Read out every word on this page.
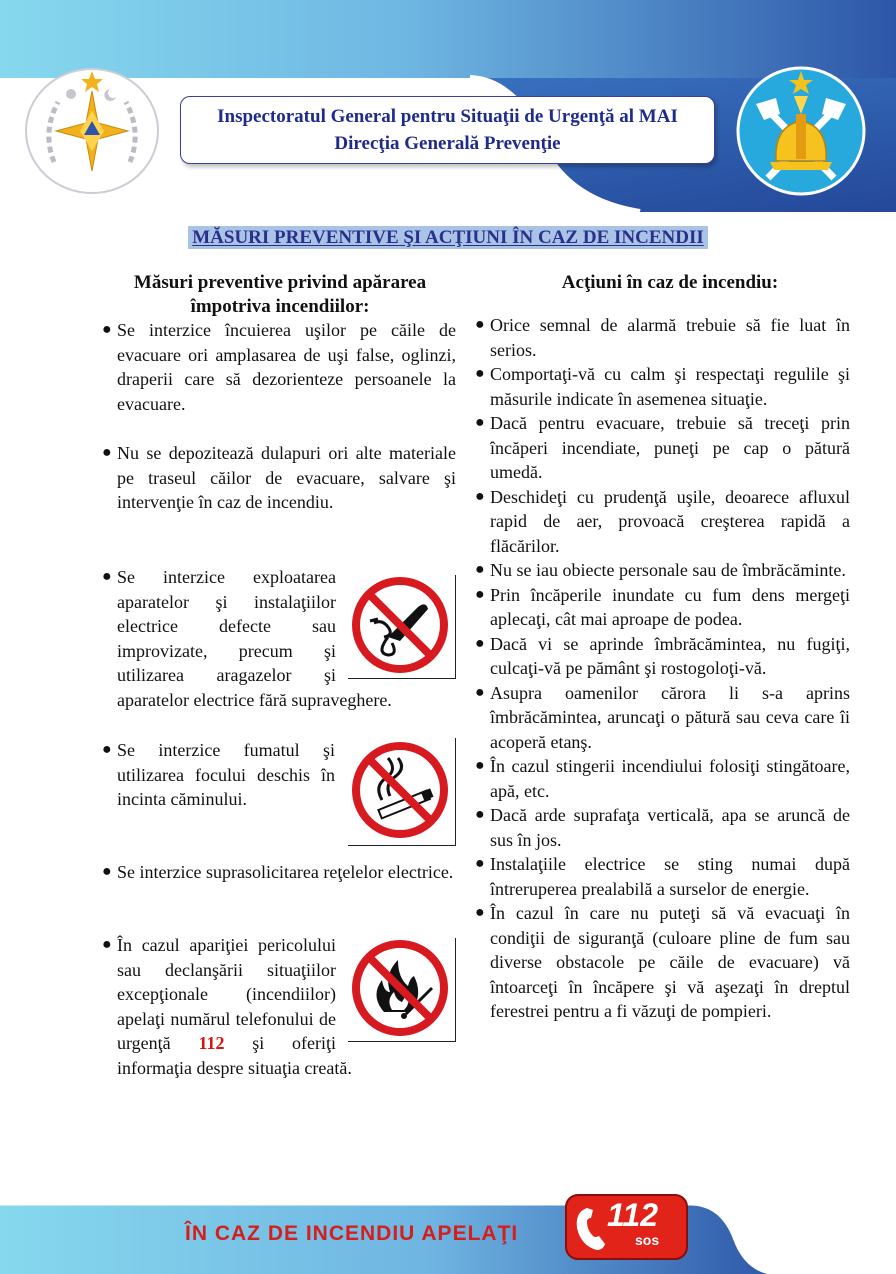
Inspectoratul General pentru Situaţii de Urgenţă al MAI
Direcţia Generală Prevenţie
MĂSURI PREVENTIVE ŞI ACŢIUNI ÎN CAZ DE INCENDII
Măsuri preventive privind apărarea
împotriva incendiilor:
● Se interzice încuierea uşilor pe căile de evacuare ori amplasarea de uşi false, oglinzi, draperii care să dezorienteze persoanele la evacuare.
● Nu se depozitează dulapuri ori alte materiale pe traseul căilor de evacuare, salvare şi intervenţie în caz de incendiu.
● Se interzice exploatarea aparatelor şi instalaţiilor electrice defecte sau improvizate, precum şi utilizarea aragazelor şi aparatelor electrice fără supraveghere.
● Se interzice fumatul şi utilizarea focului deschis în incinta căminului.
● Se interzice suprasolicitarea reţelelor electrice.
● În cazul apariţiei pericolului sau declanşării situaţiilor excepţionale (incendiilor) apelaţi numărul telefonului de urgenţă 112 şi oferiţi informaţia despre situaţia creată.
Acţiuni în caz de incendiu:
● Orice semnal de alarmă trebuie să fie luat în serios.
● Comportaţi-vă cu calm şi respectaţi regulile şi măsurile indicate în asemenea situaţie.
● Dacă pentru evacuare, trebuie să treceţi prin încăperi incendiate, puneţi pe cap o pătură umedă.
● Deschideţi cu prudenţă uşile, deoarece afluxul rapid de aer, provoacă creşterea rapidă a flăcărilor.
● Nu se iau obiecte personale sau de îmbrăcăminte.
● Prin încăperile inundate cu fum dens mergeţi aplecaţi, cât mai aproape de podea.
● Dacă vi se aprinde îmbrăcămintea, nu fugiţi, culcaţi-vă pe pământ şi rostogoloţi-vă.
● Asupra oamenilor cărora li s-a aprins îmbrăcămintea, aruncaţi o pătură sau ceva care îi acoperă etanş.
● În cazul stingerii incendiului folosiţi stingătoare, apă, etc.
● Dacă arde suprafaţa verticală, apa se aruncă de sus în jos.
● Instalaţiile electrice se sting numai după întreruperea prealabilă a surselor de energie.
● În cazul în care nu puteţi să vă evacuaţi în condiţii de siguranţă (culoare pline de fum sau diverse obstacole pe căile de evacuare) vă întoarceţi în încăpere şi vă aşezaţi în dreptul ferestrei pentru a fi văzuţi de pompieri.
ÎN CAZ DE INCENDIU APELAŢI
112
sos
